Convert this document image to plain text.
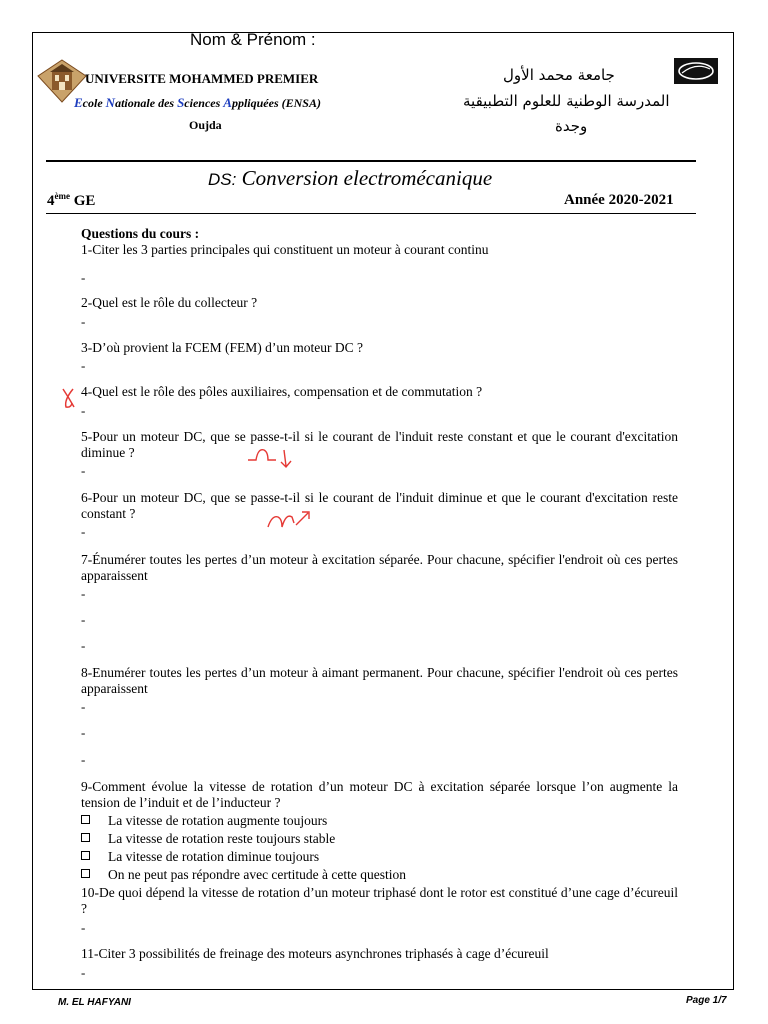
Nom & Prénom :
UNIVERSITE MOHAMMED PREMIER
Ecole Nationale des Sciences Appliquées (ENSA)
Oujda
جامعة محمد الأول
المدرسة الوطنية للعلوم التطبيقية
وجدة
DS: Conversion electromécanique
4ème GE	Année 2020-2021
Questions du cours :
1-Citer les 3 parties principales qui constituent un moteur à courant continu
-
2-Quel est le rôle du collecteur ?
-
3-D’où provient la FCEM (FEM) d’un moteur DC ?
-
4-Quel est le rôle des pôles auxiliaires, compensation et de commutation ?
-
5-Pour un moteur DC, que se passe-t-il si le courant de l'induit reste constant et que le courant d'excitation diminue ?
-
6-Pour un moteur DC, que se passe-t-il si le courant de l'induit diminue et que le courant d'excitation reste constant ?
-
7-Énumérer toutes les pertes d’un moteur à excitation séparée. Pour chacune, spécifier l'endroit où ces pertes apparaissent
-
-
-
8-Enumérer toutes les pertes d’un moteur à aimant permanent. Pour chacune, spécifier l'endroit où ces pertes apparaissent
-
-
-
9-Comment évolue la vitesse de rotation d’un moteur DC à excitation séparée lorsque l’on augmente la tension de l’induit et de l’inducteur ?
La vitesse de rotation augmente toujours
La vitesse de rotation reste toujours stable
La vitesse de rotation diminue toujours
On ne peut pas répondre avec certitude à cette question
10-De quoi dépend la vitesse de rotation d’un moteur triphasé dont le rotor est constitué d’une cage d’écureuil ?
-
11-Citer 3 possibilités de freinage des moteurs asynchrones triphasés à cage d’écureuil
-
M. EL HAFYANI	Page 1/7
